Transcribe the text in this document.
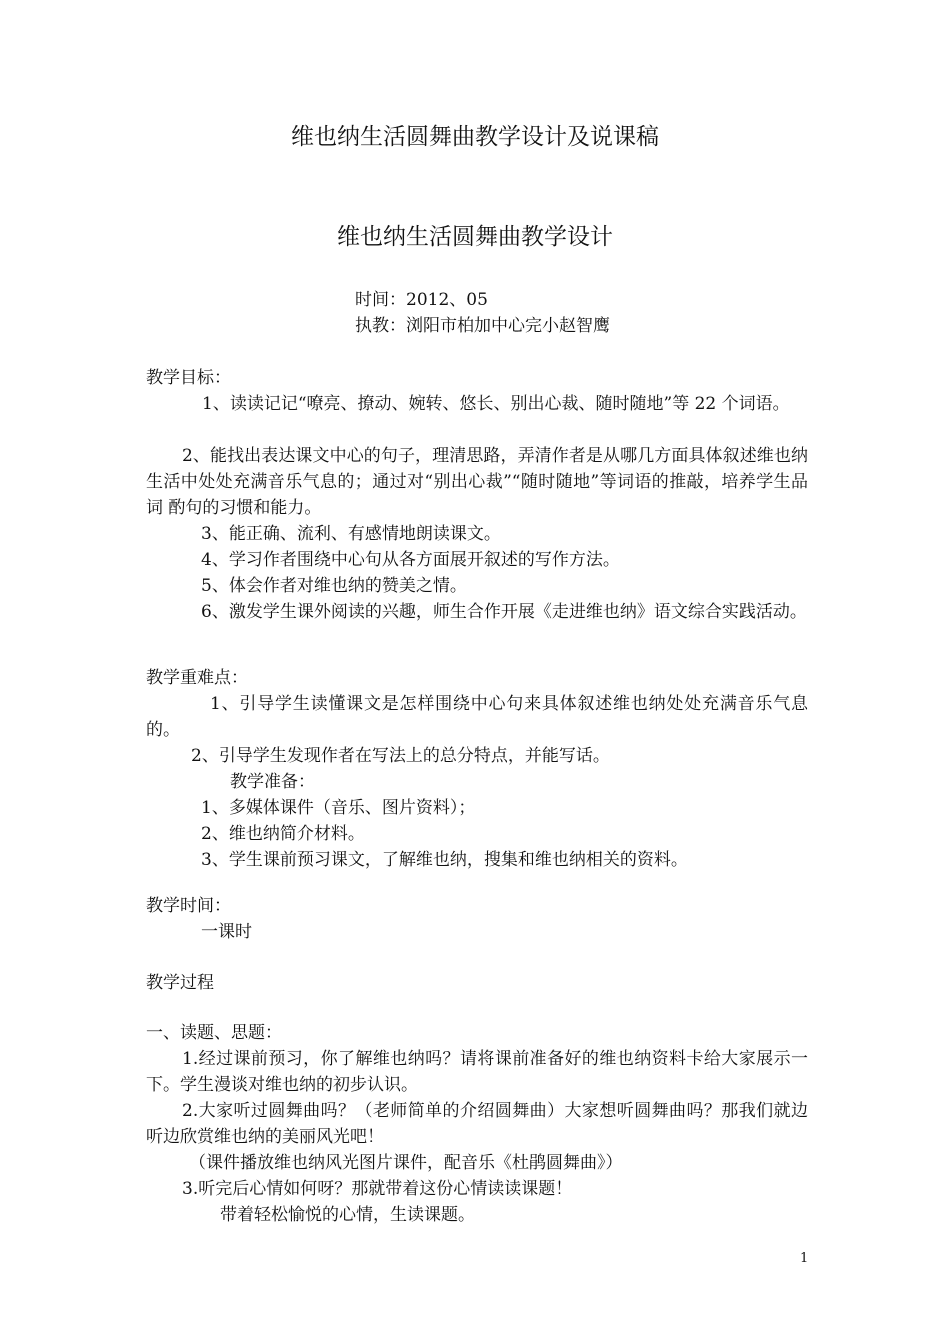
维也纳生活圆舞曲教学设计及说课稿
维也纳生活圆舞曲教学设计
时间：2012、05
执教：浏阳市柏加中心完小赵智鹰
教学目标：
1、读读记记“嘹亮、撩动、婉转、悠长、别出心裁、随时随地”等 22 个词语。
2、能找出表达课文中心的句子，理清思路，弄清作者是从哪几方面具体叙述维也纳生活中处处充满音乐气息的；通过对“别出心裁”“随时随地”等词语的推敲，培养学生品词 酌句的习惯和能力。
3、能正确、流利、有感情地朗读课文。
4、学习作者围绕中心句从各方面展开叙述的写作方法。
5、体会作者对维也纳的赞美之情。
6、激发学生课外阅读的兴趣，师生合作开展《走进维也纳》语文综合实践活动。
教学重难点：
1、引导学生读懂课文是怎样围绕中心句来具体叙述维也纳处处充满音乐气息的。
2、引导学生发现作者在写法上的总分特点，并能写话。
教学准备：
1、多媒体课件（音乐、图片资料）；
2、维也纳简介材料。
3、学生课前预习课文，了解维也纳，搜集和维也纳相关的资料。
教学时间：
一课时
教学过程
一、读题、思题：
1.经过课前预习，你了解维也纳吗？请将课前准备好的维也纳资料卡给大家展示一下。学生漫谈对维也纳的初步认识。
2.大家听过圆舞曲吗？（老师简单的介绍圆舞曲）大家想听圆舞曲吗？那我们就边听边欣赏维也纳的美丽风光吧！
（课件播放维也纳风光图片课件，配音乐《杜鹃圆舞曲》）
3.听完后心情如何呀？那就带着这份心情读读课题！
带着轻松愉悦的心情，生读课题。
1
